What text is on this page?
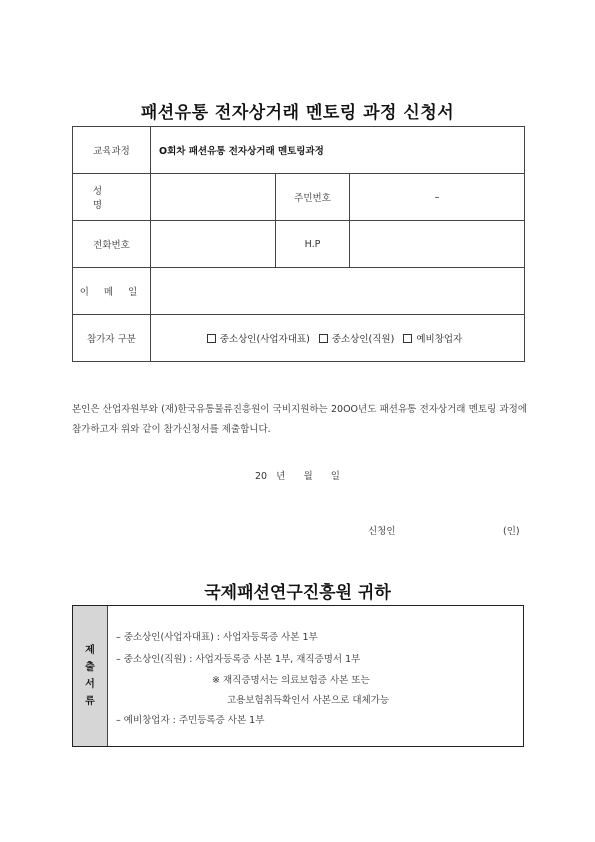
패션유통 전자상거래 멘토링 과정 신청서
교육과정	O회차 패션유통 전자상거래 멘토링과정		
성 명		주민번호	–
전화번호		H.P	
이 메 일			
참가자 구분	중소상인(사업자대표) 중소상인(직원) 예비창업자		
본인은 산업자원부와 (재)한국유통물류진흥원이 국비지원하는 20OO년도 패션유통 전자상거래 멘토링 과정에 참가하고자 위와 같이 참가신청서를 제출합니다.
20 년 월 일
신청인	(인)
국제패션연구진흥원 귀하
제
출
서
류
– 중소상인(사업자대표) : 사업자등록증 사본 1부
– 중소상인(직원) : 사업자등록증 사본 1부, 재직증명서 1부
※ 재직증명서는 의료보험증 사본 또는
고용보험취득확인서 사본으로 대체가능
– 예비창업자 : 주민등록증 사본 1부
